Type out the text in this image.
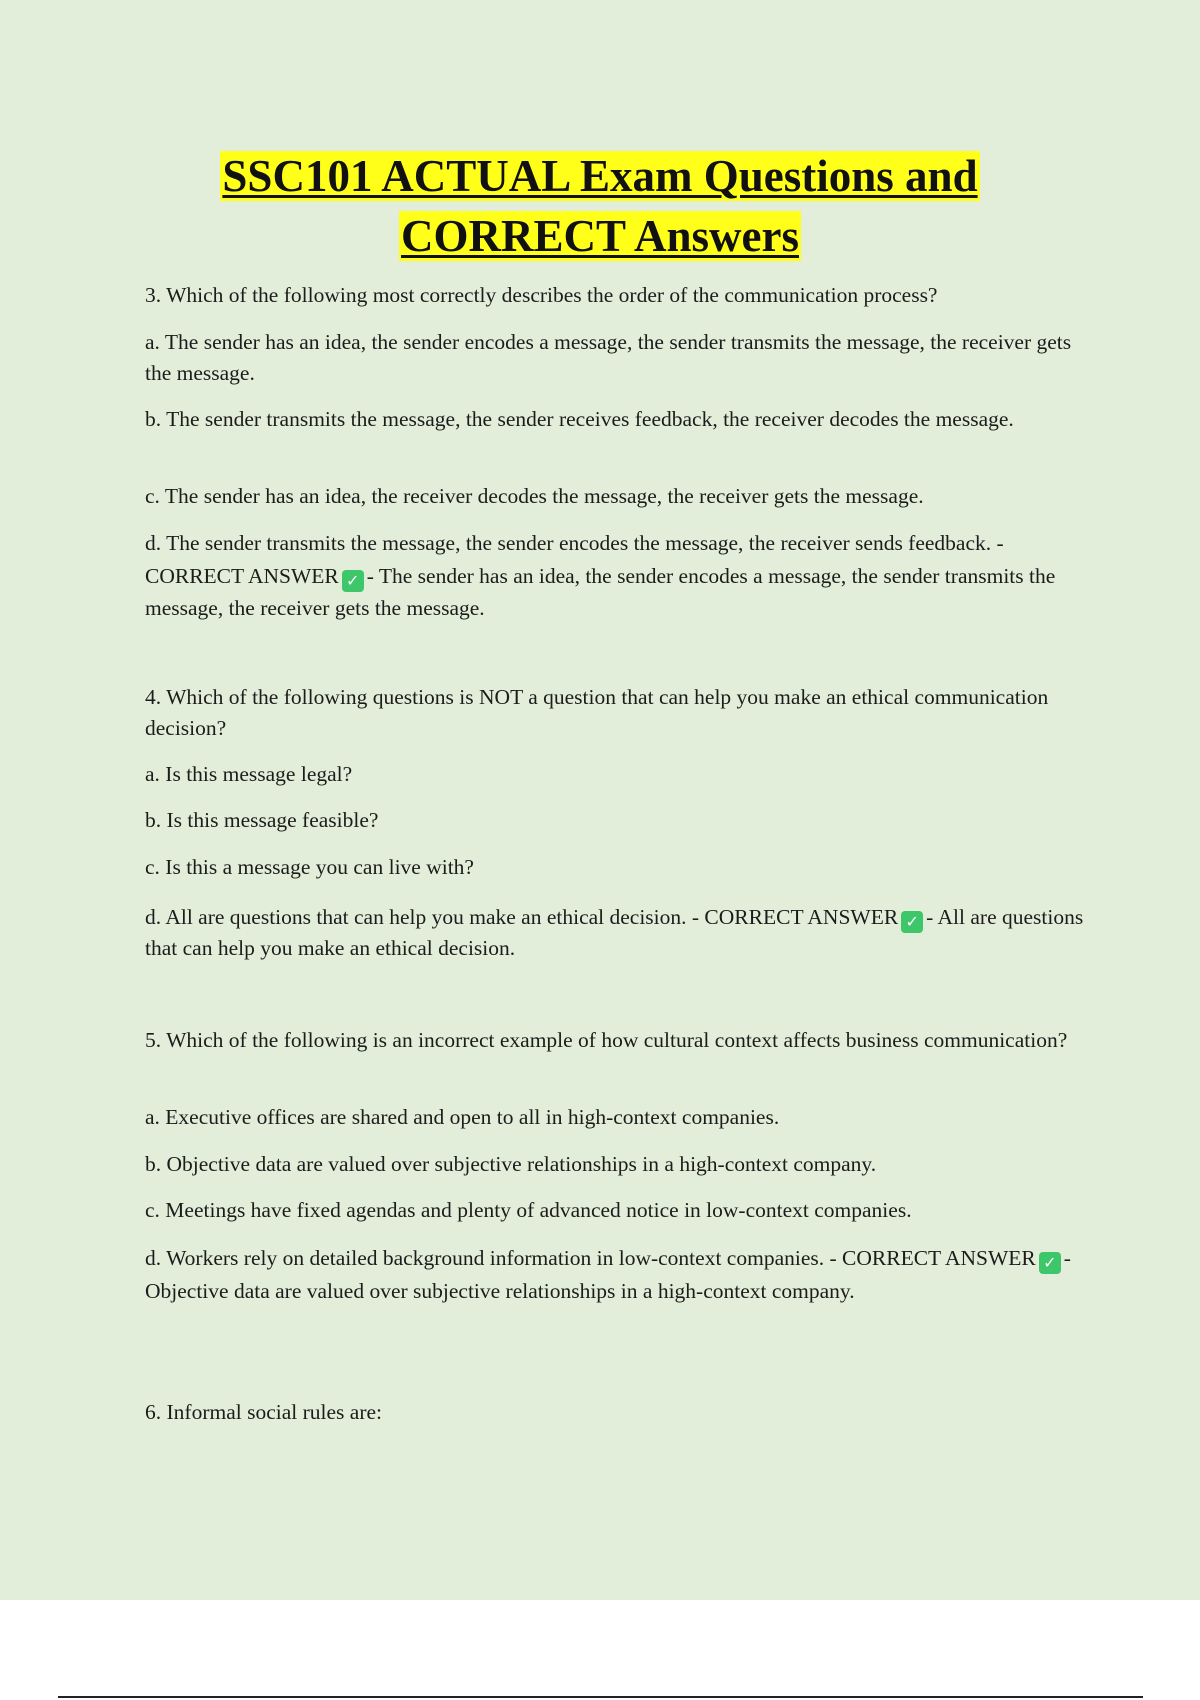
SSC101 ACTUAL Exam Questions and
CORRECT Answers

3. Which of the following most correctly describes the order of the communication process?

a. The sender has an idea, the sender encodes a message, the sender transmits the message, the receiver gets the message.

b. The sender transmits the message, the sender receives feedback, the receiver decodes the message.

c. The sender has an idea, the receiver decodes the message, the receiver gets the message.

d. The sender transmits the message, the sender encodes the message, the receiver sends feedback. - CORRECT ANSWER ✓ - The sender has an idea, the sender encodes a message, the sender transmits the message, the receiver gets the message.

4. Which of the following questions is NOT a question that can help you make an ethical communication decision?

a. Is this message legal?

b. Is this message feasible?

c. Is this a message you can live with?

d. All are questions that can help you make an ethical decision. - CORRECT ANSWER ✓ - All are questions that can help you make an ethical decision.

5. Which of the following is an incorrect example of how cultural context affects business communication?

a. Executive offices are shared and open to all in high-context companies.

b. Objective data are valued over subjective relationships in a high-context company.

c. Meetings have fixed agendas and plenty of advanced notice in low-context companies.

d. Workers rely on detailed background information in low-context companies. - CORRECT ANSWER ✓ - Objective data are valued over subjective relationships in a high-context company.

6. Informal social rules are:
